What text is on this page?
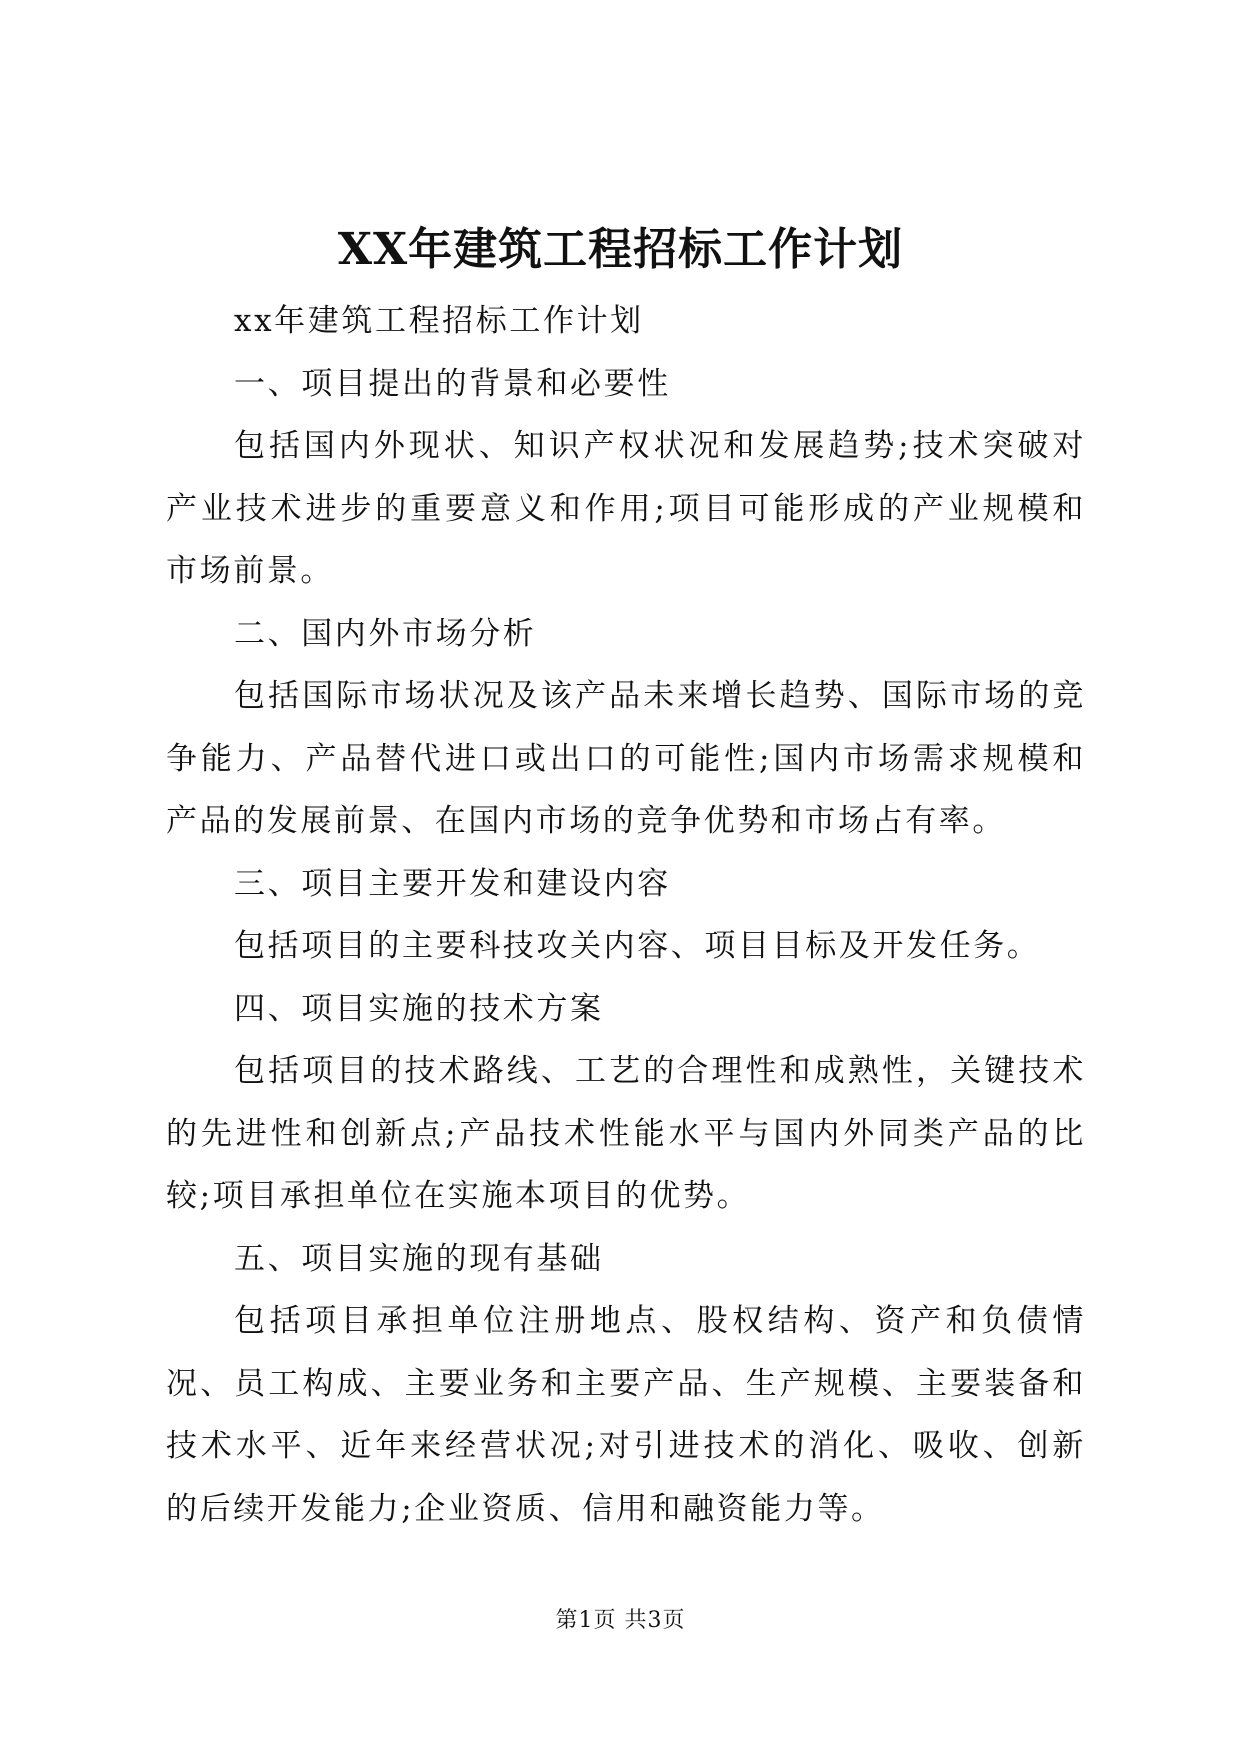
XX年建筑工程招标工作计划

xx年建筑工程招标工作计划

一、项目提出的背景和必要性

包括国内外现状、知识产权状况和发展趋势;技术突破对产业技术进步的重要意义和作用;项目可能形成的产业规模和市场前景。

二、国内外市场分析

包括国际市场状况及该产品未来增长趋势、国际市场的竞争能力、产品替代进口或出口的可能性;国内市场需求规模和产品的发展前景、在国内市场的竞争优势和市场占有率。

三、项目主要开发和建设内容

包括项目的主要科技攻关内容、项目目标及开发任务。

四、项目实施的技术方案

包括项目的技术路线、工艺的合理性和成熟性，关键技术的先进性和创新点;产品技术性能水平与国内外同类产品的比较;项目承担单位在实施本项目的优势。

五、项目实施的现有基础

包括项目承担单位注册地点、股权结构、资产和负债情况、员工构成、主要业务和主要产品、生产规模、主要装备和技术水平、近年来经营状况;对引进技术的消化、吸收、创新的后续开发能力;企业资质、信用和融资能力等。

第1页 共3页
